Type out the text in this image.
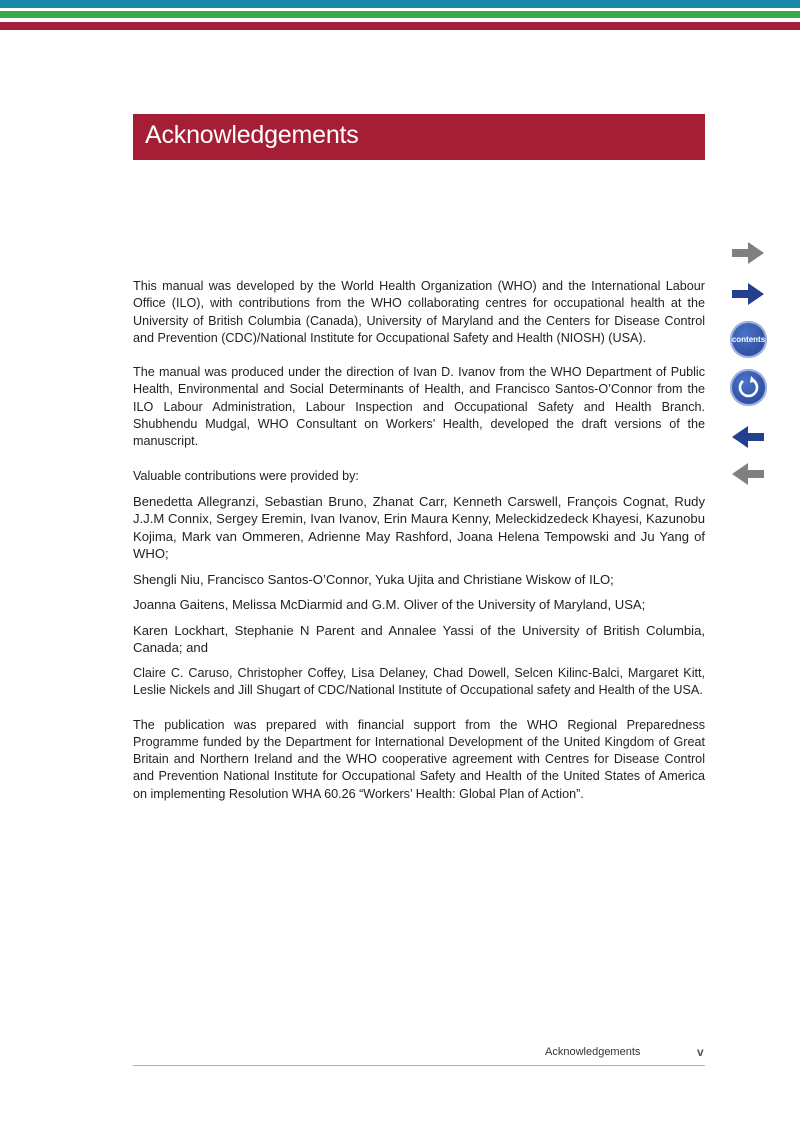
Acknowledgements
contents

This manual was developed by the World Health Organization (WHO) and the International Labour Office (ILO), with contributions from the WHO collaborating centres for occupational health at the University of British Columbia (Canada), University of Maryland and the Centers for Disease Control and Prevention (CDC)/National Institute for Occupational Safety and Health (NIOSH) (USA).

The manual was produced under the direction of Ivan D. Ivanov from the WHO Department of Public Health, Environmental and Social Determinants of Health, and Francisco Santos-O’Connor from the ILO Labour Administration, Labour Inspection and Occupational Safety and Health Branch. Shubhendu Mudgal, WHO Consultant on Workers’ Health, developed the draft versions of the manuscript.

Valuable contributions were provided by:

Benedetta Allegranzi, Sebastian Bruno, Zhanat Carr, Kenneth Carswell, François Cognat, Rudy J.J.M Connix, Sergey Eremin, Ivan Ivanov, Erin Maura Kenny, Meleckidzedeck Khayesi, Kazunobu Kojima, Mark van Ommeren, Adrienne May Rashford, Joana Helena Tempowski and Ju Yang of WHO;

Shengli Niu, Francisco Santos-O’Connor, Yuka Ujita and Christiane Wiskow of ILO;

Joanna Gaitens, Melissa McDiarmid and G.M. Oliver of the University of Maryland, USA;

Karen Lockhart, Stephanie N Parent and Annalee Yassi of the University of British Columbia, Canada; and

Claire C. Caruso, Christopher Coffey, Lisa Delaney, Chad Dowell, Selcen Kilinc-Balci, Margaret Kitt, Leslie Nickels and Jill Shugart of CDC/National Institute of Occupational safety and Health of the USA.

The publication was prepared with financial support from the WHO Regional Preparedness Programme funded by the Department for International Development of the United Kingdom of Great Britain and Northern Ireland and the WHO cooperative agreement with Centres for Disease Control and Prevention National Institute for Occupational Safety and Health of the United States of America on implementing Resolution WHA 60.26 “Workers’ Health: Global Plan of Action”.

Acknowledgements	v
